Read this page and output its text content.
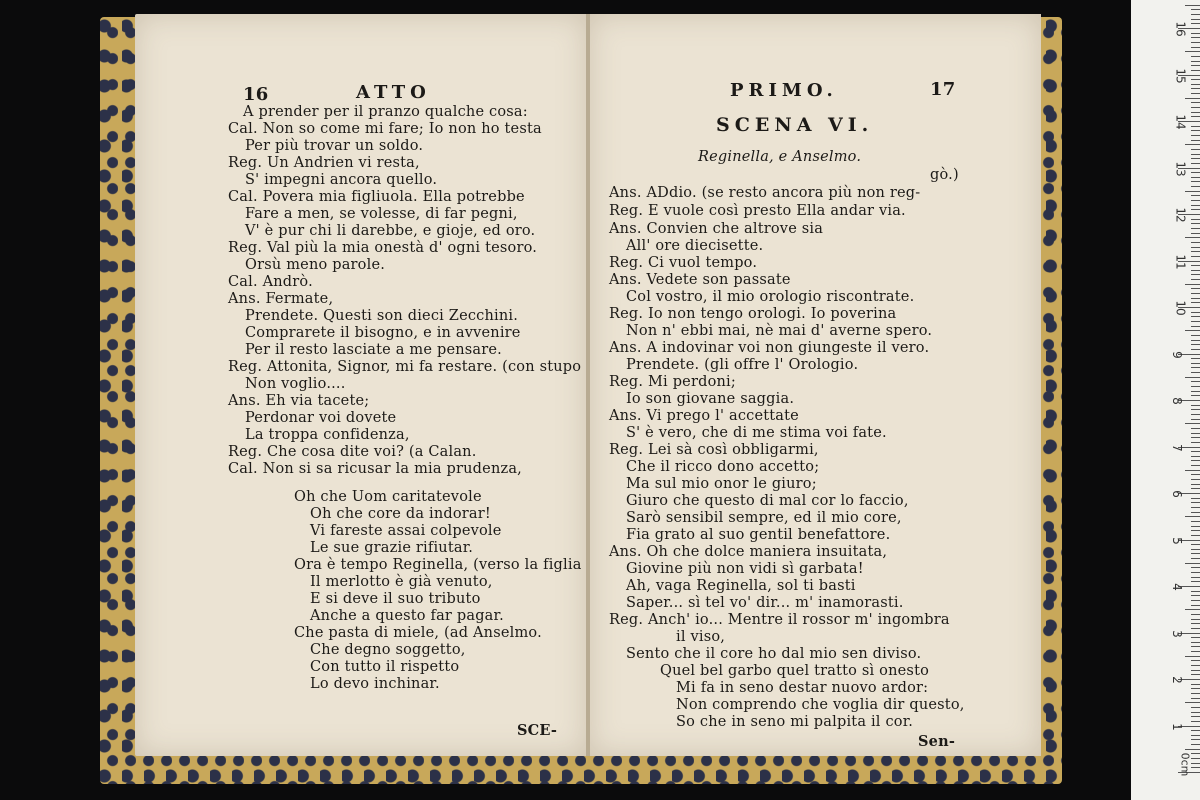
16	ATTO
A prender per il pranzo qualche cosa:
Cal. Non so come mi fare; Io non ho testa
Per più trovar un soldo.
Reg. Un Andrien vi resta,
S' impegni ancora quello.
Cal. Povera mia figliuola. Ella potrebbe
Fare a men, se volesse, di far pegni,
V' è pur chi li darebbe, e gioje, ed oro.
Reg. Val più la mia onestà d' ogni tesoro.
Orsù meno parole.
Cal. Andrò.
Ans. Fermate,
Prendete. Questi son dieci Zecchini.
Comprarete il bisogno, e in avvenire
Per il resto lasciate a me pensare.
Reg. Attonita, Signor, mi fa restare. (con stupo
Non voglio....
Ans. Eh via tacete;
Perdonar voi dovete
La troppa confidenza,
Reg. Che cosa dite voi? (a Calan.
Cal. Non si sa ricusar la mia prudenza,
Oh che Uom caritatevole
Oh che core da indorar!
Vi fareste assai colpevole
Le sue grazie rifiutar.
Ora è tempo Reginella, (verso la figlia
Il merlotto è già venuto,
E si deve il suo tributo
Anche a questo far pagar.
Che pasta di miele, (ad Anselmo.
Che degno soggetto,
Con tutto il rispetto
Lo devo inchinar.
SCE-
PRIMO.	17
SCENA VI.
Reginella, e Anselmo.
gò.)
Ans. ADdio. (se resto ancora più non reg-
Reg. E vuole così presto Ella andar via.
Ans. Convien che altrove sia
All' ore diecisette.
Reg. Ci vuol tempo.
Ans. Vedete son passate
Col vostro, il mio orologio riscontrate.
Reg. Io non tengo orologi. Io poverina
Non n' ebbi mai, nè mai d' averne spero.
Ans. A indovinar voi non giungeste il vero.
Prendete. (gli offre l' Orologio.
Reg. Mi perdoni;
Io son giovane saggia.
Ans. Vi prego l' accettate
S' è vero, che di me stima voi fate.
Reg. Lei sà così obbligarmi,
Che il ricco dono accetto;
Ma sul mio onor le giuro;
Giuro che questo di mal cor lo faccio,
Sarò sensibil sempre, ed il mio core,
Fia grato al suo gentil benefattore.
Ans. Oh che dolce maniera insuitata,
Giovine più non vidi sì garbata!
Ah, vaga Reginella, sol ti basti
Saper... sì tel vo' dir... m' inamorasti.
Reg. Anch' io... Mentre il rossor m' ingombra
il viso,
Sento che il core ho dal mio sen diviso.
Quel bel garbo quel tratto sì onesto
Mi fa in seno destar nuovo ardor:
Non comprendo che voglia dir questo,
So che in seno mi palpita il cor.
Sen-
1
2
3
4
5
6
7
8
9
10
11
12
13
14
15
16
0cm
